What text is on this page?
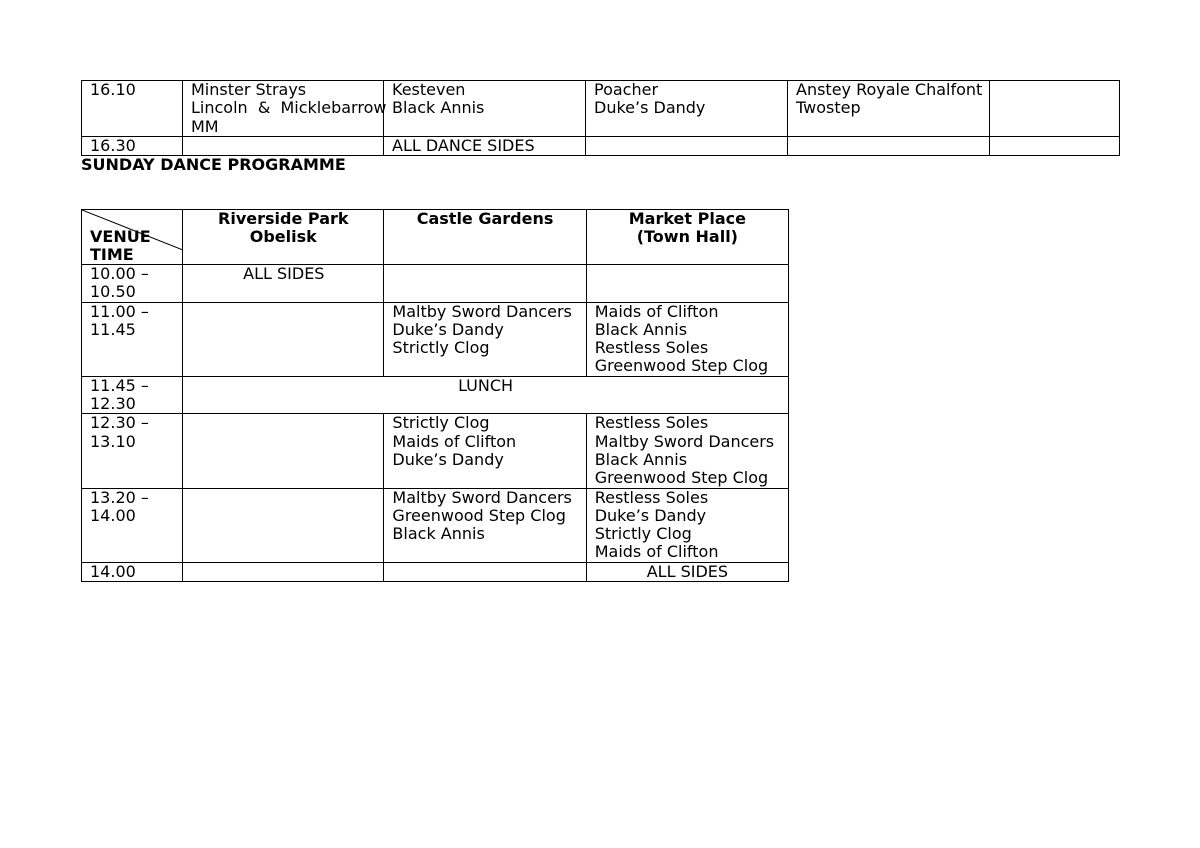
16.10	Minster Strays
Lincoln  &  Micklebarrow
MM	Kesteven
Black Annis	Poacher
Duke’s Dandy	Anstey Royale Chalfont
Twostep	

16.30		ALL DANCE SIDES			

SUNDAY DANCE PROGRAMME
VENUE
TIME	Riverside Park
Obelisk	Castle Gardens	Market Place
(Town Hall)

10.00 –
10.50	ALL SIDES		

11.00 –
11.45		Maltby Sword Dancers
Duke’s Dandy
Strictly Clog	Maids of Clifton
Black Annis
Restless Soles
Greenwood Step Clog

11.45 –
12.30	LUNCH		

12.30 –
13.10		Strictly Clog
Maids of Clifton
Duke’s Dandy	Restless Soles
Maltby Sword Dancers
Black Annis
Greenwood Step Clog

13.20 –
14.00		Maltby Sword Dancers
Greenwood Step Clog
Black Annis	Restless Soles
Duke’s Dandy
Strictly Clog
Maids of Clifton

14.00			ALL SIDES
